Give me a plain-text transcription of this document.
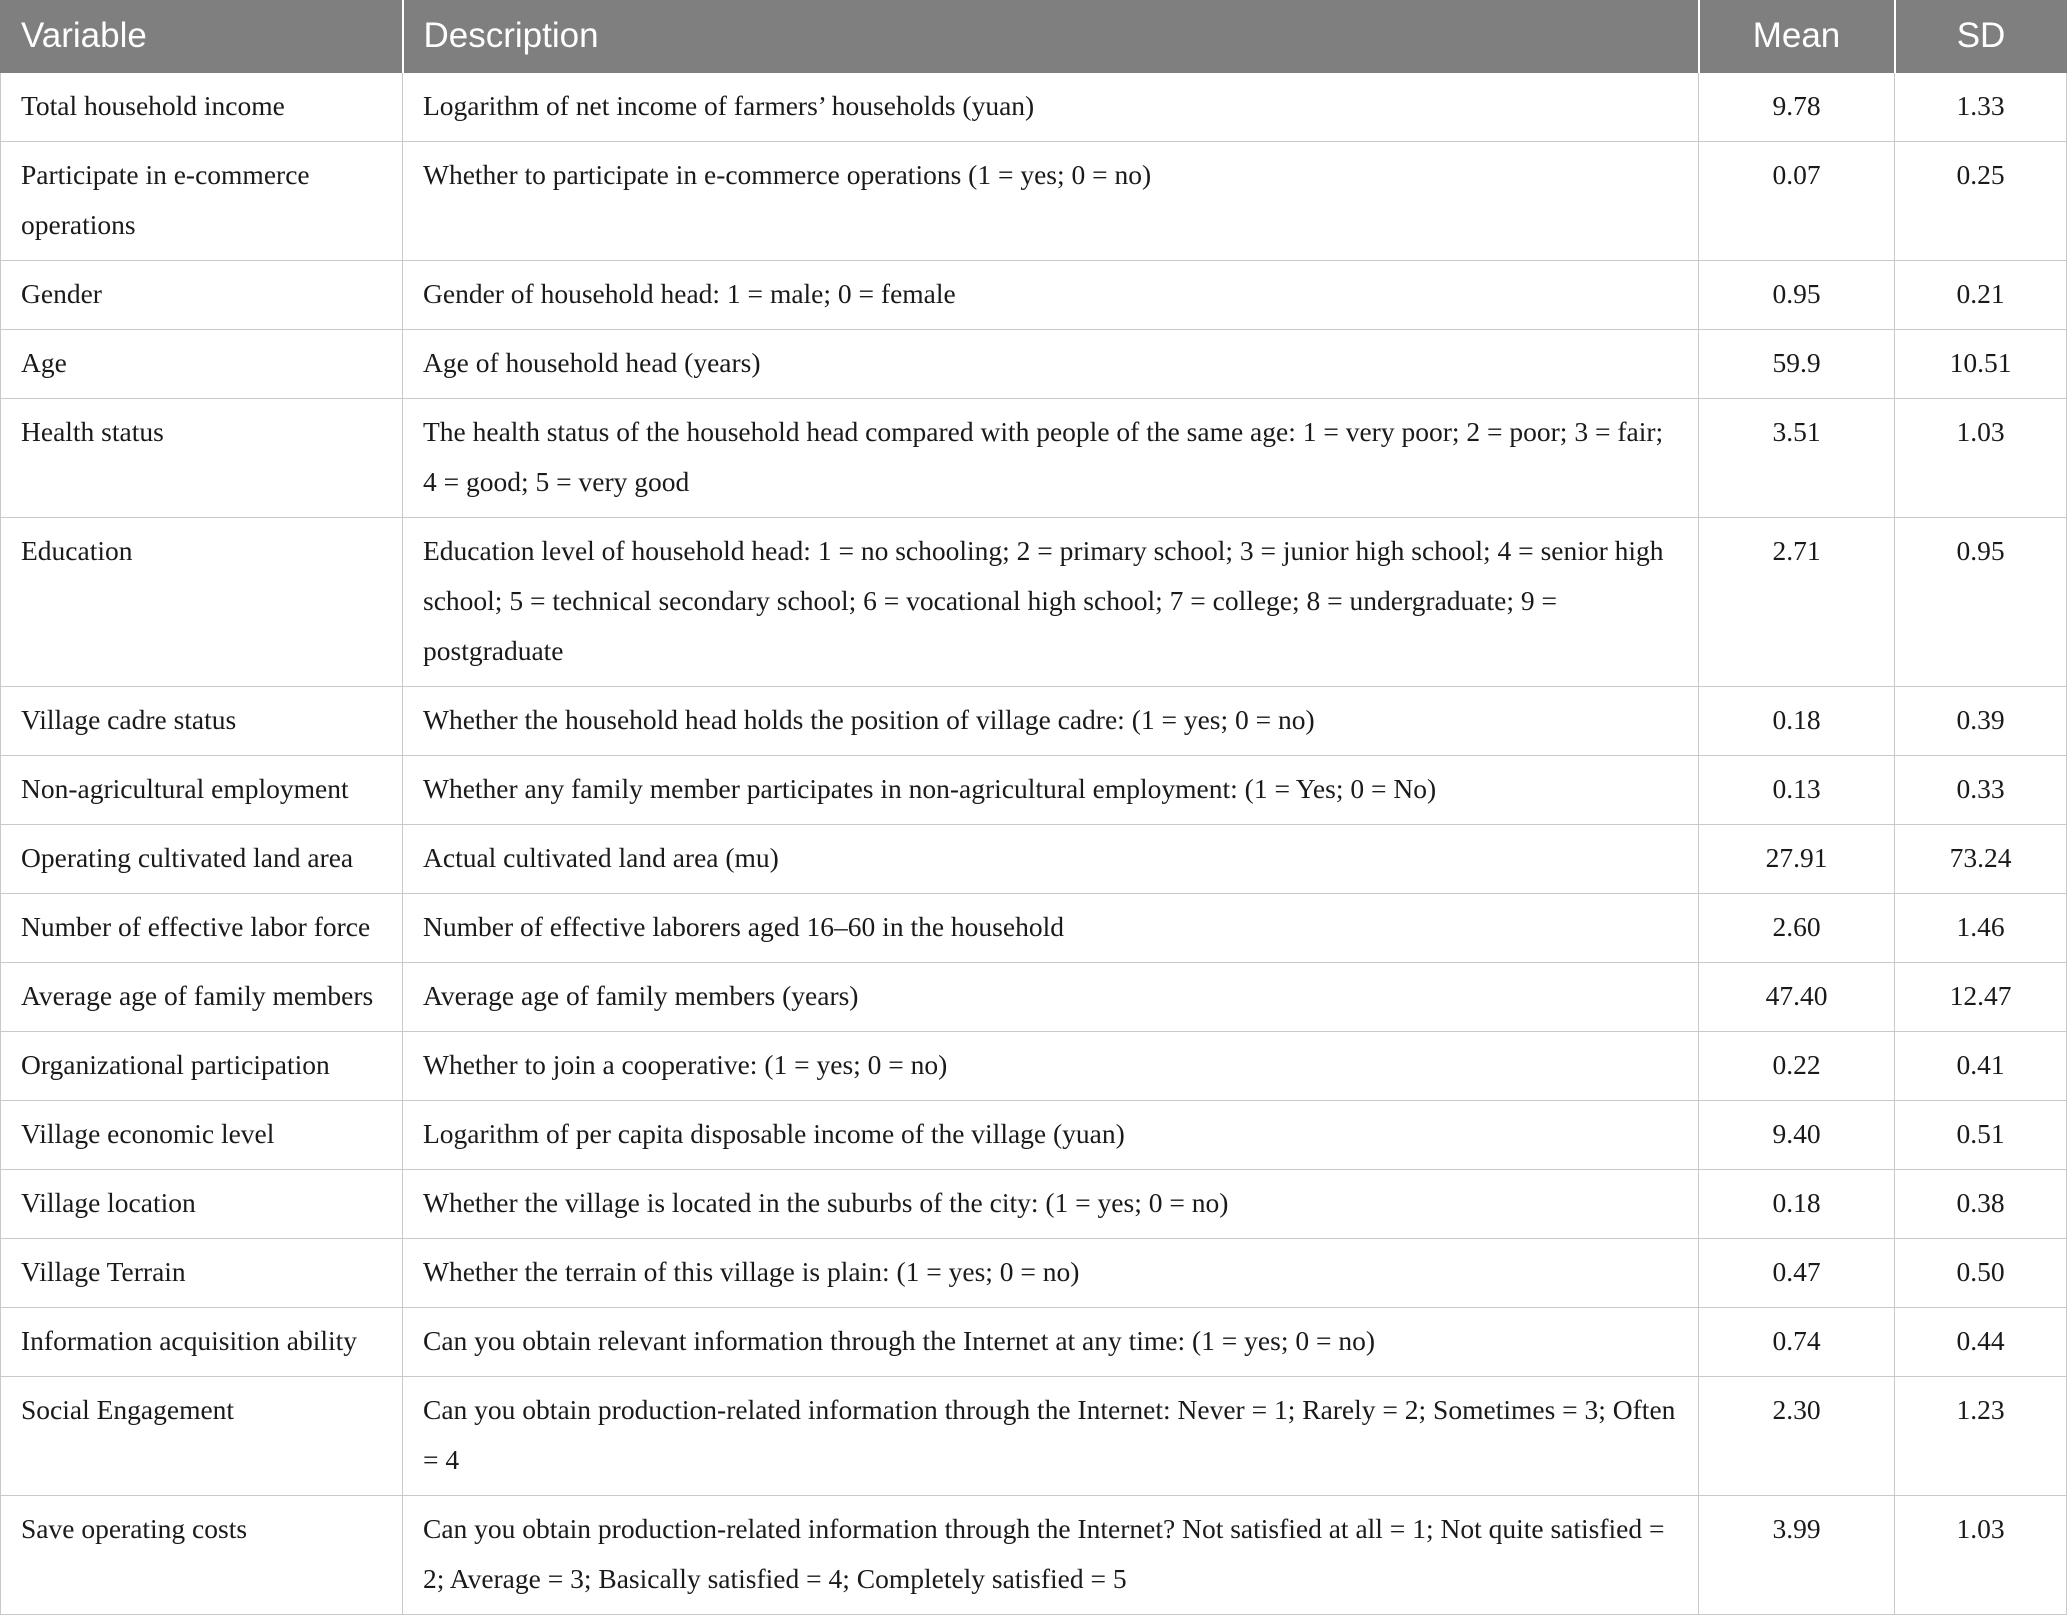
Variable	Description	Mean	SD
Total household income	Logarithm of net income of farmers’ households (yuan)	9.78	1.33
Participate in e-commerce operations	Whether to participate in e-commerce operations (1 = yes; 0 = no)	0.07	0.25
Gender	Gender of household head: 1 = male; 0 = female	0.95	0.21
Age	Age of household head (years)	59.9	10.51
Health status	The health status of the household head compared with people of the same age: 1 = very poor; 2 = poor; 3 = fair; 4 = good; 5 = very good	3.51	1.03
Education	Education level of household head: 1 = no schooling; 2 = primary school; 3 = junior high school; 4 = senior high school; 5 = technical secondary school; 6 = vocational high school; 7 = college; 8 = undergraduate; 9 = postgraduate	2.71	0.95
Village cadre status	Whether the household head holds the position of village cadre: (1 = yes; 0 = no)	0.18	0.39
Non-agricultural employment	Whether any family member participates in non-agricultural employment: (1 = Yes; 0 = No)	0.13	0.33
Operating cultivated land area	Actual cultivated land area (mu)	27.91	73.24
Number of effective labor force	Number of effective laborers aged 16–60 in the household	2.60	1.46
Average age of family members	Average age of family members (years)	47.40	12.47
Organizational participation	Whether to join a cooperative: (1 = yes; 0 = no)	0.22	0.41
Village economic level	Logarithm of per capita disposable income of the village (yuan)	9.40	0.51
Village location	Whether the village is located in the suburbs of the city: (1 = yes; 0 = no)	0.18	0.38
Village Terrain	Whether the terrain of this village is plain: (1 = yes; 0 = no)	0.47	0.50
Information acquisition ability	Can you obtain relevant information through the Internet at any time: (1 = yes; 0 = no)	0.74	0.44
Social Engagement	Can you obtain production-related information through the Internet: Never = 1; Rarely = 2; Sometimes = 3; Often = 4	2.30	1.23
Save operating costs	Can you obtain production-related information through the Internet? Not satisfied at all = 1; Not quite satisfied = 2; Average = 3; Basically satisfied = 4; Completely satisfied = 5	3.99	1.03
